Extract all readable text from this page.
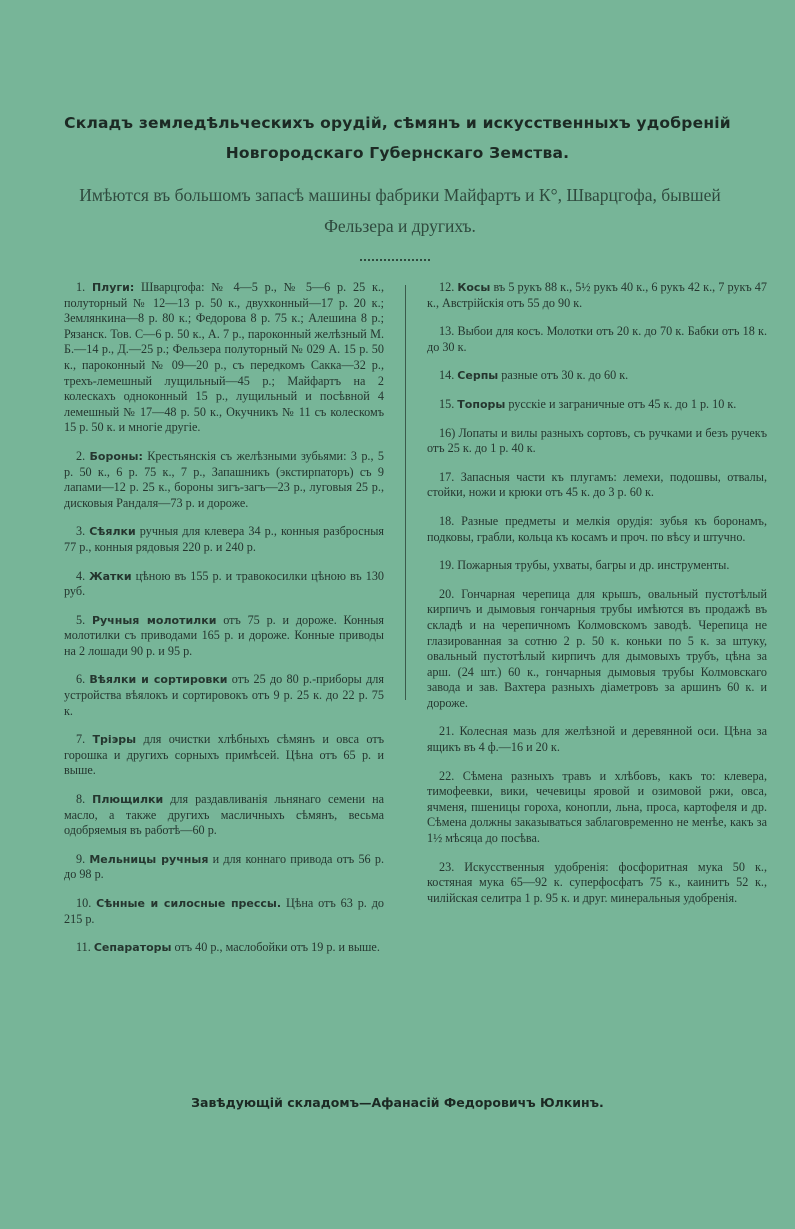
Складъ земледѣльческихъ орудій, сѣмянъ и искусственныхъ удобреній Новгородскаго Губернскаго Земства.
Имѣются въ большомъ запасѣ машины фабрики Майфартъ и К°, Шварцгофа, бывшей Фельзера и другихъ.

1. Плуги: Шварцгофа: № 4—5 р., № 5—6 р. 25 к., полуторный № 12—13 р. 50 к., двухконный—17 р. 20 к.; Землянкина—8 р. 80 к.; Федорова 8 р. 75 к.; Алешина 8 р.; Рязанск. Тов. С—6 р. 50 к., А. 7 р., пароконный желѣзный М. Б.—14 р., Д.—25 р.; Фельзера полуторный № 029 А. 15 р. 50 к., пароконный № 09—20 р., съ передкомъ Сакка—32 р., трехъ-лемешный лущильный—45 р.; Майфартъ на 2 колескахъ одноконный 15 р., лущильный и посѣвной 4 лемешный № 17—48 р. 50 к., Окучникъ № 11 съ колескомъ 15 р. 50 к. и многіе другіе.

2. Бороны: Крестьянскія съ желѣзными зубьями: 3 р., 5 р. 50 к., 6 р. 75 к., 7 р., Запашникъ (экстирпаторъ) съ 9 лапами—12 р. 25 к., бороны зигъ-загъ—23 р., луговыя 25 р., дисковыя Рандаля—73 р. и дороже.

3. Сѣялки ручныя для клевера 34 р., конныя разбросныя 77 р., конныя рядовыя 220 р. и 240 р.

4. Жатки цѣною въ 155 р. и травокосилки цѣною въ 130 руб.

5. Ручныя молотилки отъ 75 р. и дороже. Конныя молотилки съ приводами 165 р. и дороже. Конные приводы на 2 лошади 90 р. и 95 р.

6. Вѣялки и сортировки отъ 25 до 80 р.-приборы для устройства вѣялокъ и сортировокъ отъ 9 р. 25 к. до 22 р. 75 к.

7. Тріэры для очистки хлѣбныхъ сѣмянъ и овса отъ горошка и другихъ сорныхъ примѣсей. Цѣна отъ 65 р. и выше.

8. Плющилки для раздавливанія льнянаго семени на масло, а также другихъ масличныхъ сѣмянъ, весьма одобряемыя въ работѣ—60 р.

9. Мельницы ручныя и для коннаго привода отъ 56 р. до 98 р.

10. Сѣнные и силосные прессы. Цѣна отъ 63 р. до 215 р.

11. Сепараторы отъ 40 р., маслобойки отъ 19 р. и выше.

12. Косы въ 5 рукъ 88 к., 5½ рукъ 40 к., 6 рукъ 42 к., 7 рукъ 47 к., Австрійскія отъ 55 до 90 к.

13. Выбои для косъ. Молотки отъ 20 к. до 70 к. Бабки отъ 18 к. до 30 к.

14. Серпы разные отъ 30 к. до 60 к.

15. Топоры русскіе и заграничные отъ 45 к. до 1 р. 10 к.

16) Лопаты и вилы разныхъ сортовъ, съ ручками и безъ ручекъ отъ 25 к. до 1 р. 40 к.

17. Запасныя части къ плугамъ: лемехи, подошвы, отвалы, стойки, ножи и крюки отъ 45 к. до 3 р. 60 к.

18. Разные предметы и мелкія орудія: зубья къ боронамъ, подковы, грабли, кольца къ косамъ и проч. по вѣсу и штучно.

19. Пожарныя трубы, ухваты, багры и др. инструменты.

20. Гончарная черепица для крышъ, овальный пустотѣлый кирпичъ и дымовыя гончарныя трубы имѣются въ продажѣ въ складѣ и на черепичномъ Колмовскомъ заводѣ. Черепица не глазированная за сотню 2 р. 50 к. коньки по 5 к. за штуку, овальный пустотѣлый кирпичъ для дымовыхъ трубъ, цѣна за арш. (24 шт.) 60 к., гончарныя дымовыя трубы Колмовскаго завода и зав. Вахтера разныхъ діаметровъ за аршинъ 60 к. и дороже.

21. Колесная мазь для желѣзной и деревянной оси. Цѣна за ящикъ въ 4 ф.—16 и 20 к.

22. Сѣмена разныхъ травъ и хлѣбовъ, какъ то: клевера, тимофеевки, вики, чечевицы яровой и озимовой ржи, овса, ячменя, пшеницы гороха, конопли, льна, проса, картофеля и др. Сѣмена должны заказываться заблаговременно не менѣе, какъ за 1½ мѣсяца до посѣва.

23. Искусственныя удобренія: фосфоритная мука 50 к., костяная мука 65—92 к. суперфосфатъ 75 к., каинитъ 52 к., чилійская селитра 1 р. 95 к. и друг. минеральныя удобренія.

Завѣдующій складомъ—Афанасій Федоровичъ Юлкинъ.
